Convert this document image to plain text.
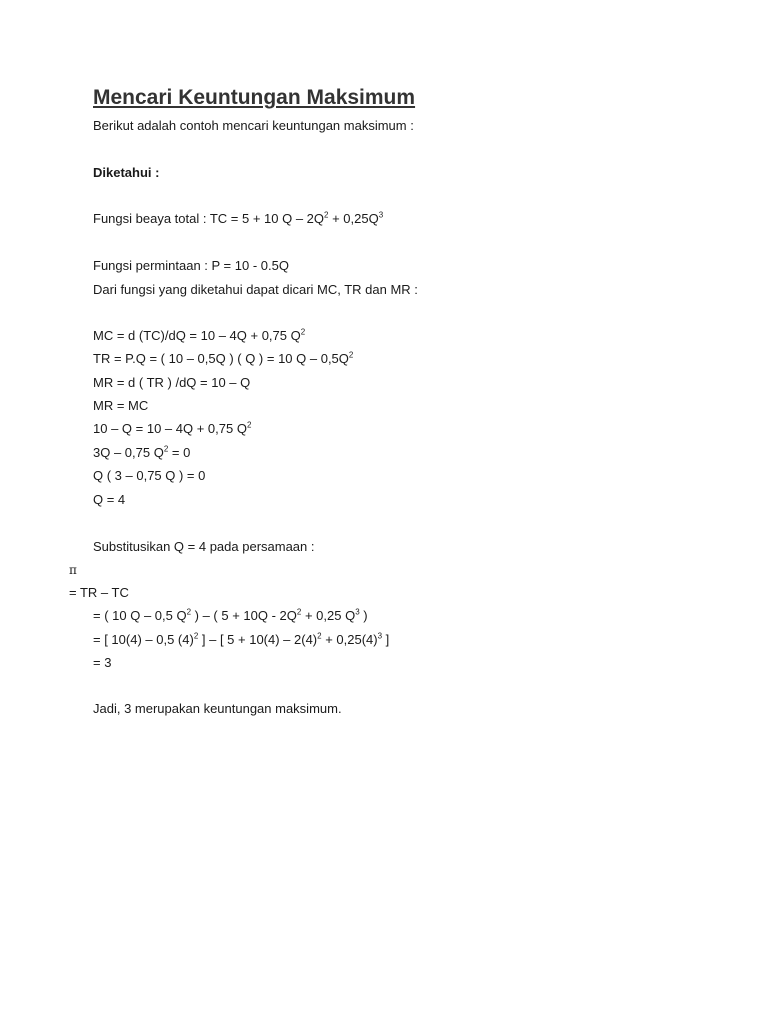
Mencari Keuntungan Maksimum
Berikut adalah contoh mencari keuntungan maksimum :
Diketahui :
Fungsi beaya total : TC = 5 + 10 $Q - 2Q^2 + 0,25Q^3$
Fungsi permintaan : P = 10 - 0.5Q
Dari fungsi yang diketahui dapat dicari MC, TR dan MR :
MC = d (TC)/dQ = 10 – 4Q + 0,75 $Q^2$
TR = P.Q = ( 10 – 0,5Q ) ( Q ) = 10 Q – $0,5Q^2$
MR = d ( TR ) /dQ = 10 – Q
MR = MC
10 – Q = 10 – 4Q + 0,75 $Q^2$
3Q – 0,75 $Q^2 = 0$
Q ( 3 – 0,75 Q ) = 0
Q = 4
Substitusikan Q = 4 pada persamaan :
π
= TR – TC
= ( 10 Q – 0,5 $Q^2$ ) – ( $5 + 10Q - 2Q^2 + 0,25$ $Q^3$ )
= [ 10(4) – 0,5 $(4)^2$ ] – [ $5 + 10(4) - 2(4)^2 + 0,25(4)^3$ ]
= 3
Jadi, 3 merupakan keuntungan maksimum.
